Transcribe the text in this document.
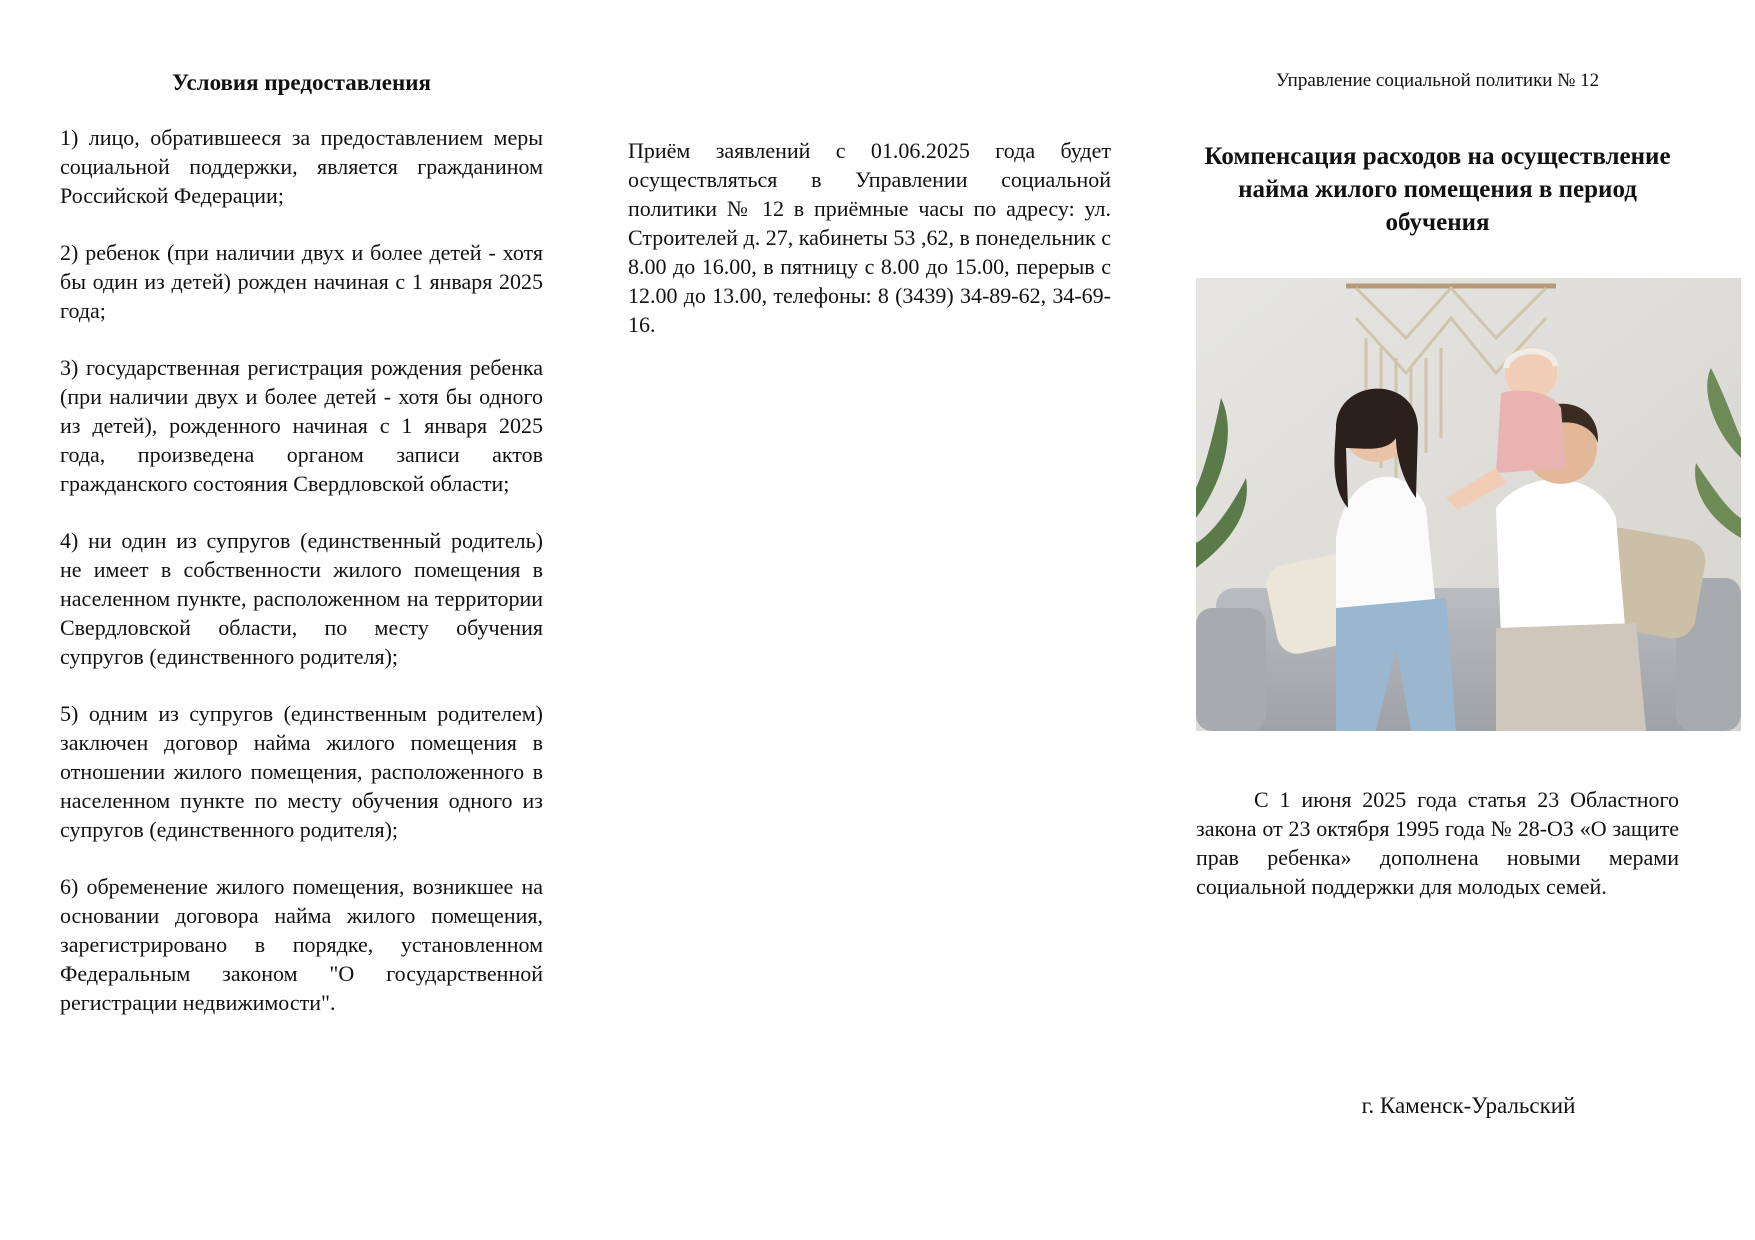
Условия предоставления

1) лицо, обратившееся за предоставлением меры социальной поддержки, является гражданином Российской Федерации;

2) ребенок (при наличии двух и более детей - хотя бы один из детей) рожден начиная с 1 января 2025 года;

3) государственная регистрация рождения ребенка (при наличии двух и более детей - хотя бы одного из детей), рожденного начиная с 1 января 2025 года, произведена органом записи актов гражданского состояния Свердловской области;

4) ни один из супругов (единственный родитель) не имеет в собственности жилого помещения в населенном пункте, расположенном на территории Свердловской области, по месту обучения супругов (единственного родителя);

5) одним из супругов (единственным родителем) заключен договор найма жилого помещения в отношении жилого помещения, расположенного в населенном пункте по месту обучения одного из супругов (единственного родителя);

6) обременение жилого помещения, возникшее на основании договора найма жилого помещения, зарегистрировано в порядке, установленном Федеральным законом "О государственной регистрации недвижимости".

Приём заявлений с 01.06.2025 года будет осуществляться в Управлении социальной политики № 12 в приёмные часы по адресу: ул. Строителей д. 27, кабинеты 53 ,62, в понедельник с 8.00 до 16.00, в пятницу с 8.00 до 15.00, перерыв с 12.00 до 13.00, телефоны: 8 (3439) 34-89-62, 34-69-16.

Управление социальной политики № 12

Компенсация расходов на осуществление найма жилого помещения в период обучения

С 1 июня 2025 года статья 23 Областного закона от 23 октября 1995 года № 28-ОЗ «О защите прав ребенка» дополнена новыми мерами социальной поддержки для молодых семей.

г. Каменск-Уральский
